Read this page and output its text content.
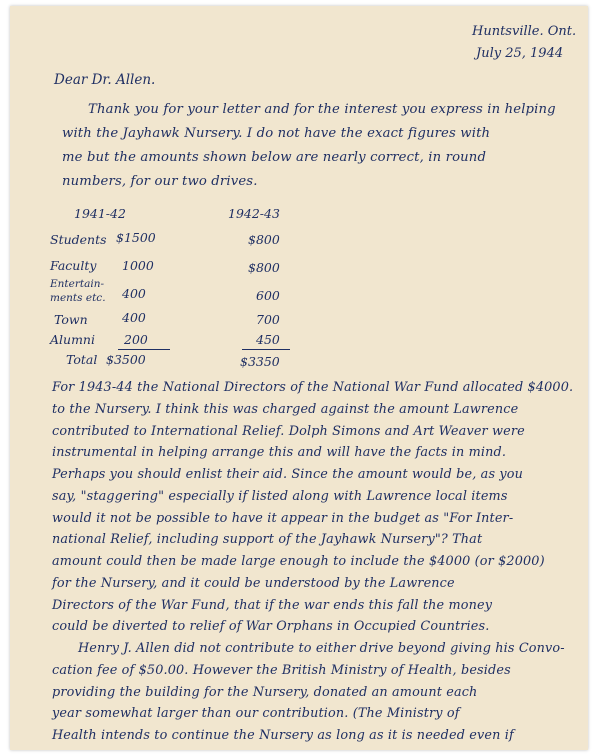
Huntsville. Ont.
July 25, 1944
Dear Dr. Allen.
Thank you for your letter and for the interest you express in helping
with the Jayhawk Nursery. I do not have the exact figures with
me but the amounts shown below are nearly correct, in round
numbers, for our two drives.
1941-42	1942-43
Students $1500	$800
Faculty 1000	$800
Entertain-
ments etc. 400	600
Town	400	700
Alumni 200	450
Total $3500	$3350
For 1943-44 the National Directors of the National War Fund allocated $4000.
to the Nursery. I think this was charged against the amount Lawrence
contributed to International Relief. Dolph Simons and Art Weaver were
instrumental in helping arrange this and will have the facts in mind.
Perhaps you should enlist their aid. Since the amount would be, as you
say, "staggering" especially if listed along with Lawrence local items
would it not be possible to have it appear in the budget as "For Inter-
national Relief, including support of the Jayhawk Nursery"? That
amount could then be made large enough to include the $4000 (or $2000)
for the Nursery, and it could be understood by the Lawrence
Directors of the War Fund, that if the war ends this fall the money
could be diverted to relief of War Orphans in Occupied Countries.
Henry J. Allen did not contribute to either drive beyond giving his Convo-
cation fee of $50.00. However the British Ministry of Health, besides
providing the building for the Nursery, donated an amount each
year somewhat larger than our contribution. (The Ministry of
Health intends to continue the Nursery as long as it is needed even if
